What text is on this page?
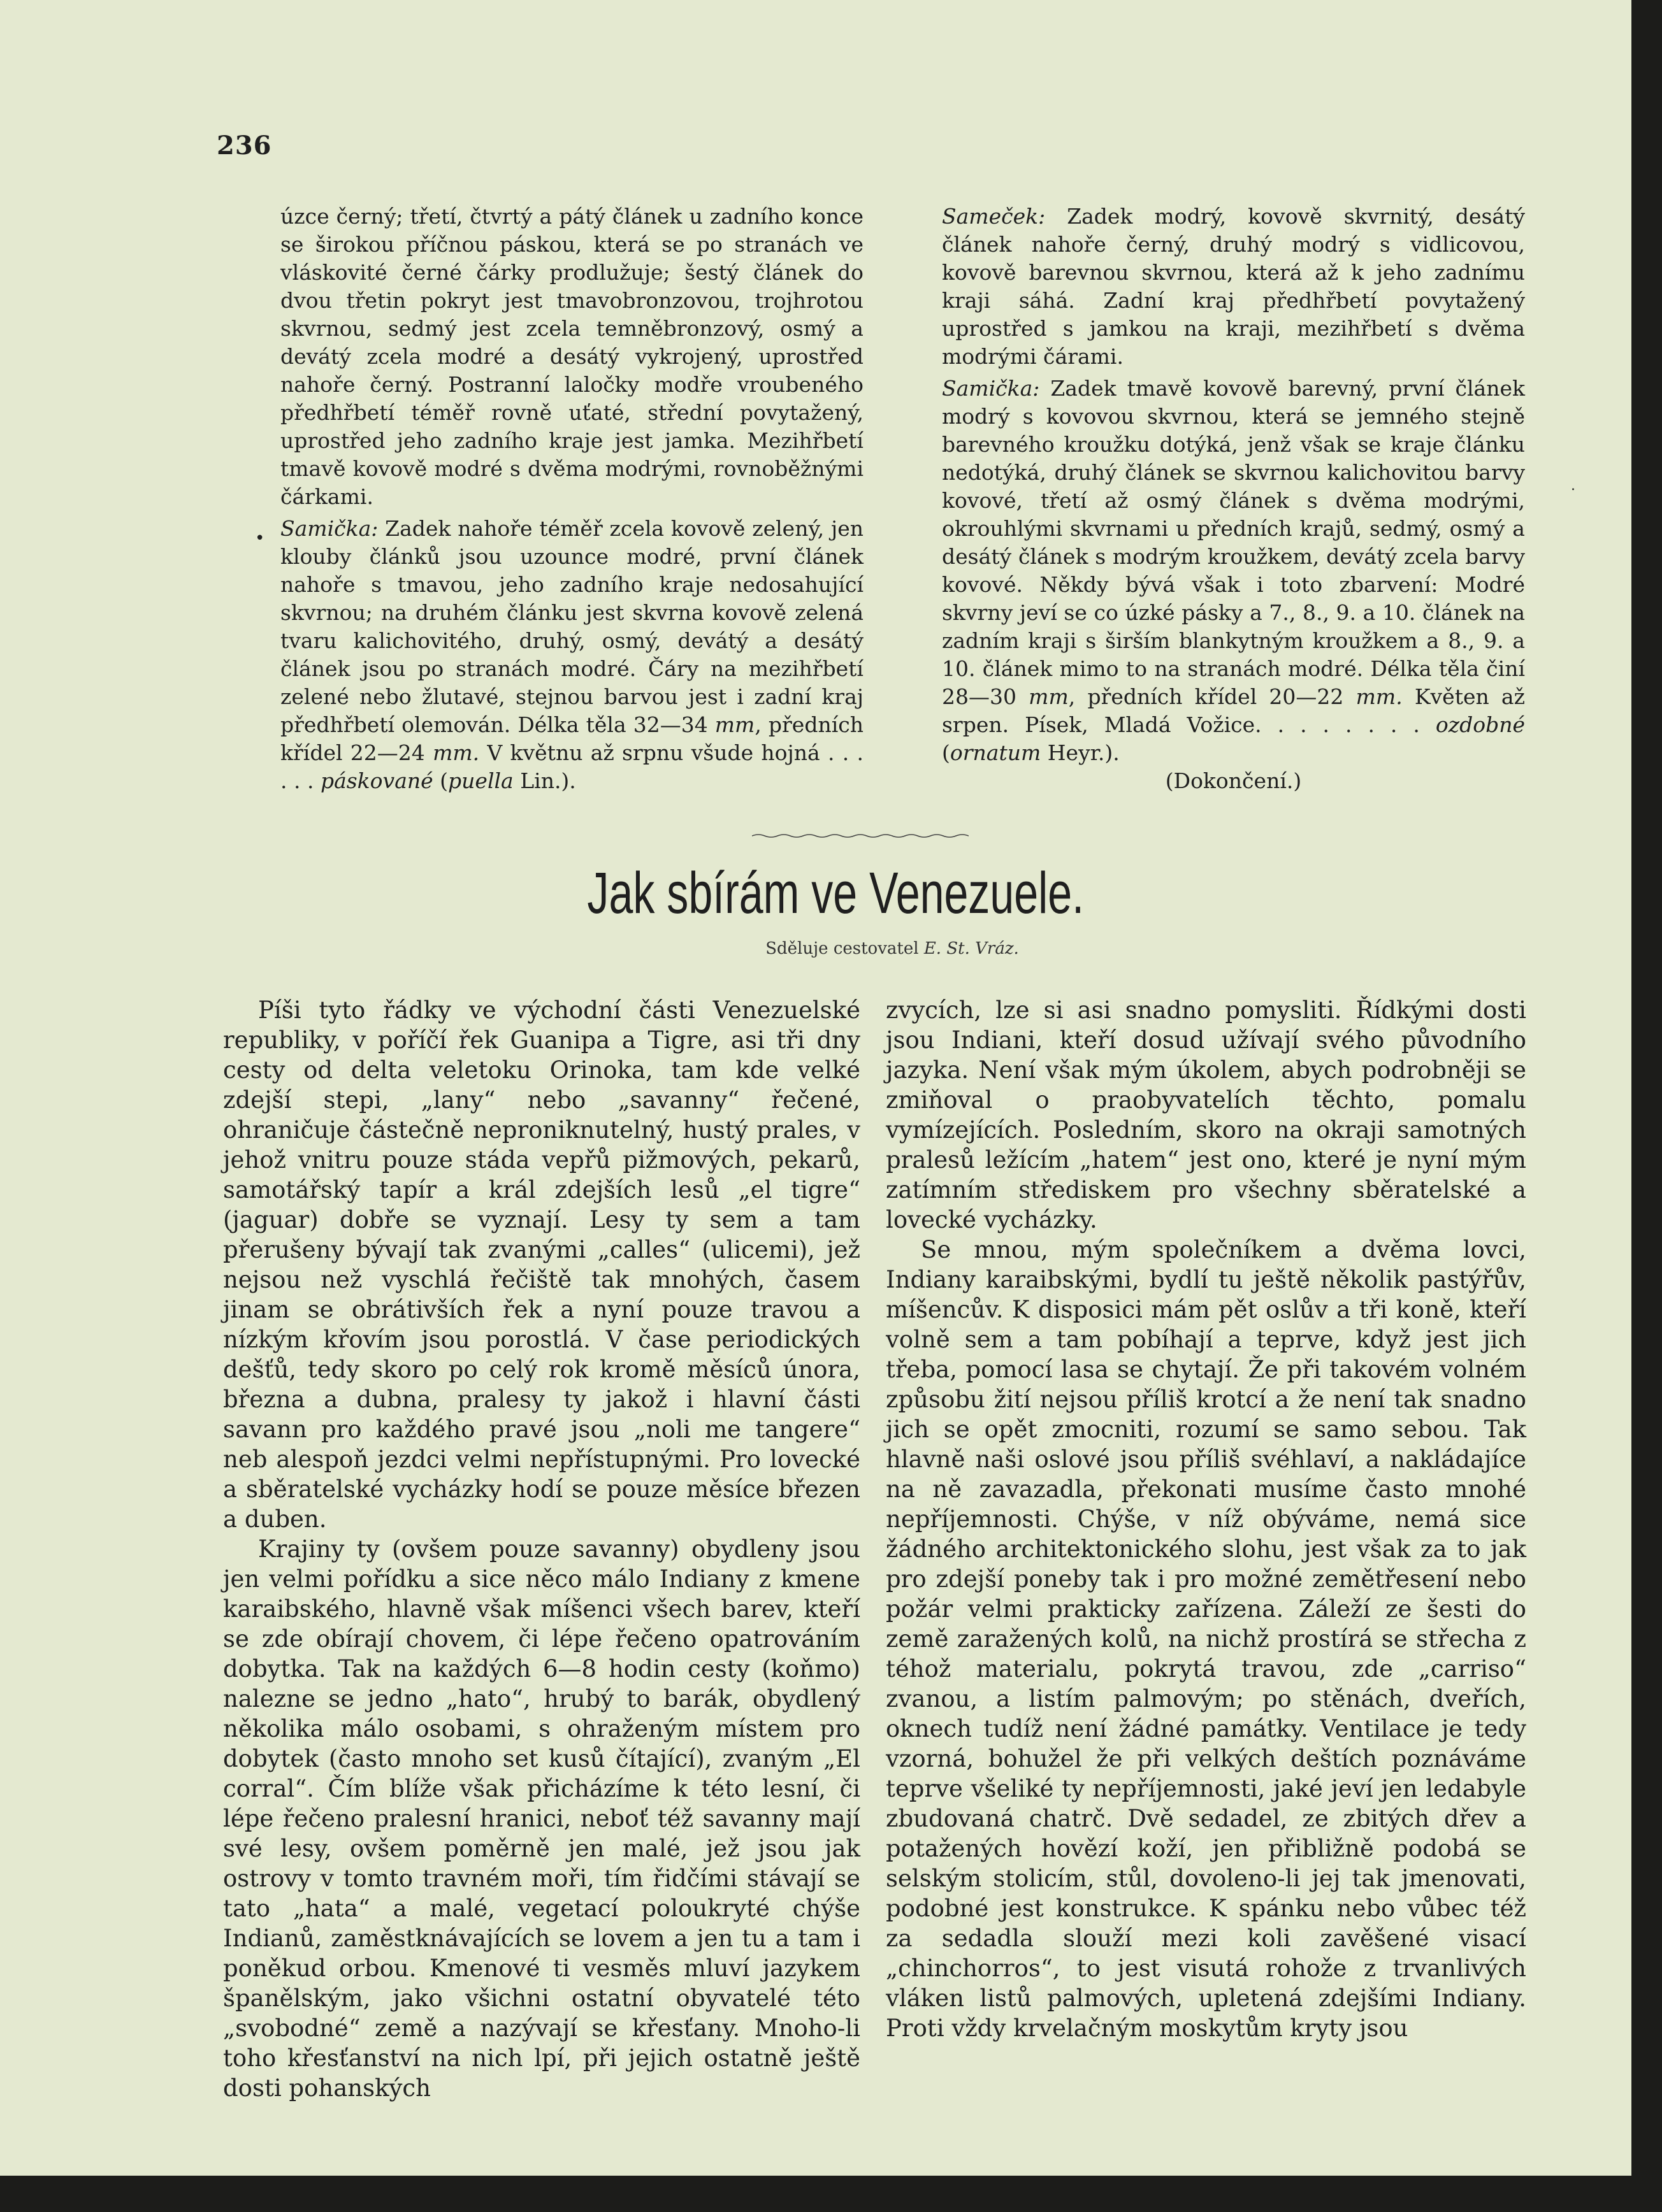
236

úzce černý; třetí, čtvrtý a pátý článek u zadního konce se širokou příčnou páskou, která se po stranách ve vláskovité černé čárky prodlužuje; šestý článek do dvou třetin pokryt jest tmavobronzovou, trojhrotou skvrnou, sedmý jest zcela temněbronzový, osmý a devátý zcela modré a desátý vykrojený, uprostřed nahoře černý. Postranní laločky modře vroubeného předhřbetí téměř rovně uťaté, střední povytažený, uprostřed jeho zadního kraje jest jamka. Mezihřbetí tmavě kovově modré s dvěma modrými, rovnoběžnými čárkami.

Samička: Zadek nahoře téměř zcela kovově zelený, jen klouby článků jsou uzounce modré, první článek nahoře s tmavou, jeho zadního kraje nedosahující skvrnou; na druhém článku jest skvrna kovově zelená tvaru kalichovitého, druhý, osmý, devátý a desátý článek jsou po stranách modré. Čáry na mezihřbetí zelené nebo žlutavé, stejnou barvou jest i zadní kraj předhřbetí olemován. Délka těla 32—34 mm, předních křídel 22—24 mm. V květnu až srpnu všude hojná . . . . . . páskované (puella Lin.).

Sameček: Zadek modrý, kovově skvrnitý, desátý článek nahoře černý, druhý modrý s vidlicovou, kovově barevnou skvrnou, která až k jeho zadnímu kraji sáhá. Zadní kraj předhřbetí povytažený uprostřed s jamkou na kraji, mezihřbetí s dvěma modrými čárami.

Samička: Zadek tmavě kovově barevný, první článek modrý s kovovou skvrnou, která se jemného stejně barevného kroužku dotýká, jenž však se kraje článku nedotýká, druhý článek se skvrnou kalichovitou barvy kovové, třetí až osmý článek s dvěma modrými, okrouhlými skvrnami u předních krajů, sedmý, osmý a desátý článek s modrým kroužkem, devátý zcela barvy kovové. Někdy bývá však i toto zbarvení: Modré skvrny jeví se co úzké pásky a 7., 8., 9. a 10. článek na zadním kraji s širším blankytným kroužkem a 8., 9. a 10. článek mimo to na stranách modré. Délka těla činí 28—30 mm, předních křídel 20—22 mm. Květen až srpen. Písek, Mladá Vožice. . . . . . . . ozdobné (ornatum Heyr.).

(Dokončení.)

Jak sbírám ve Venezuele.
Sděluje cestovatel E. St. Vráz.

Píši tyto řádky ve východní části Venezuelské republiky, v poříčí řek Guanipa a Tigre, asi tři dny cesty od delta veletoku Orinoka, tam kde velké zdejší stepi, „lany“ nebo „savanny“ řečené, ohraničuje částečně neproniknutelný, hustý prales, v jehož vnitru pouze stáda vepřů pižmových, pekarů, samotářský tapír a král zdejších lesů „el tigre“ (jaguar) dobře se vyznají. Lesy ty sem a tam přerušeny bývají tak zvanými „calles“ (ulicemi), jež nejsou než vyschlá řečiště tak mnohých, časem jinam se obrátivších řek a nyní pouze travou a nízkým křovím jsou porostlá. V čase periodických dešťů, tedy skoro po celý rok kromě měsíců února, března a dubna, pralesy ty jakož i hlavní části savann pro každého pravé jsou „noli me tangere“ neb alespoň jezdci velmi nepřístupnými. Pro lovecké a sběratelské vycházky hodí se pouze měsíce březen a duben.

Krajiny ty (ovšem pouze savanny) obydleny jsou jen velmi pořídku a sice něco málo Indiany z kmene karaibského, hlavně však míšenci všech barev, kteří se zde obírají chovem, či lépe řečeno opatrováním dobytka. Tak na každých 6—8 hodin cesty (koňmo) nalezne se jedno „hato“, hrubý to barák, obydlený několika málo osobami, s ohraženým místem pro dobytek (často mnoho set kusů čítající), zvaným „El corral“. Čím blíže však přicházíme k této lesní, či lépe řečeno pralesní hranici, neboť též savanny mají své lesy, ovšem poměrně jen malé, jež jsou jak ostrovy v tomto travném moři, tím řidčími stávají se tato „hata“ a malé, vegetací poloukryté chýše Indianů, zaměstknávajících se lovem a jen tu a tam i poněkud orbou. Kmenové ti vesměs mluví jazykem španělským, jako všichni ostatní obyvatelé této „svobodné“ země a nazývají se křesťany. Mnoho-li toho křesťanství na nich lpí, při jejich ostatně ještě dosti pohanských

zvycích, lze si asi snadno pomysliti. Řídkými dosti jsou Indiani, kteří dosud užívají svého původního jazyka. Není však mým úkolem, abych podrobněji se zmiňoval o praobyvatelích těchto, pomalu vymízejících. Posledním, skoro na okraji samotných pralesů ležícím „hatem“ jest ono, které je nyní mým zatímním střediskem pro všechny sběratelské a lovecké vycházky.

Se mnou, mým společníkem a dvěma lovci, Indiany karaibskými, bydlí tu ještě několik pastýřův, míšencův. K disposici mám pět oslův a tři koně, kteří volně sem a tam pobíhají a teprve, když jest jich třeba, pomocí lasa se chytají. Že při takovém volném způsobu žití nejsou příliš krotcí a že není tak snadno jich se opět zmocniti, rozumí se samo sebou. Tak hlavně naši oslové jsou příliš svéhlaví, a nakládajíce na ně zavazadla, překonati musíme často mnohé nepříjemnosti. Chýše, v níž obýváme, nemá sice žádného architektonického slohu, jest však za to jak pro zdejší poneby tak i pro možné zemětřesení nebo požár velmi prakticky zařízena. Záleží ze šesti do země zaražených kolů, na nichž prostírá se střecha z téhož materialu, pokrytá travou, zde „carriso“ zvanou, a listím palmovým; po stěnách, dveřích, oknech tudíž není žádné památky. Ventilace je tedy vzorná, bohužel že při velkých deštích poznáváme teprve všeliké ty nepříjemnosti, jaké jeví jen ledabyle zbudovaná chatrč. Dvě sedadel, ze zbitých dřev a potažených hovězí koží, jen přibližně podobá se selským stolicím, stůl, dovoleno-li jej tak jmenovati, podobné jest konstrukce. K spánku nebo vůbec též za sedadla slouží mezi koli zavěšené visací „chinchorros“, to jest visutá rohože z trvanlivých vláken listů palmových, upletená zdejšími Indiany. Proti vždy krvelačným moskytům kryty jsou

•
.
